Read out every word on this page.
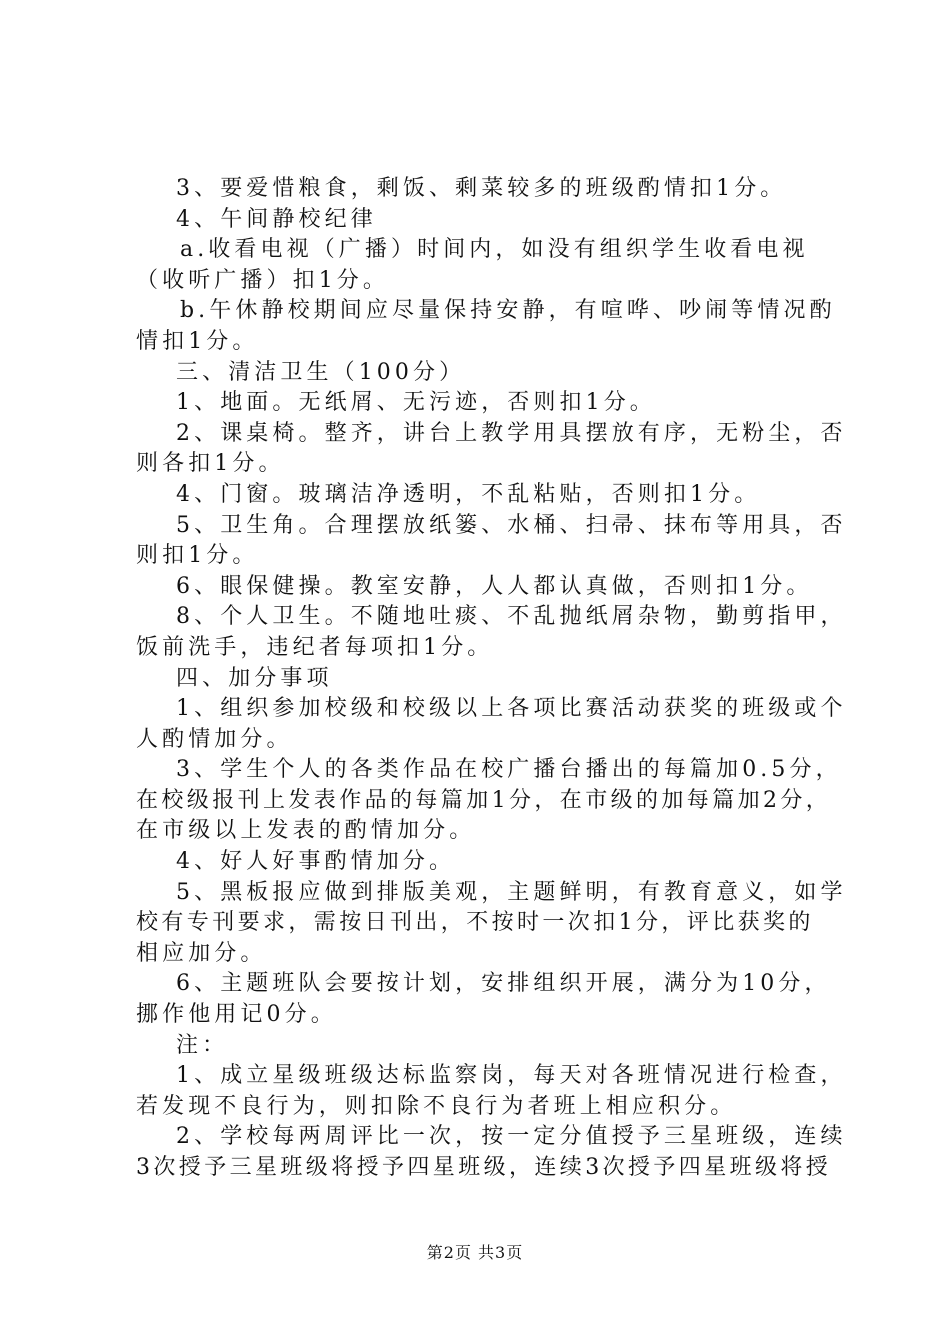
3、要爱惜粮食，剩饭、剩菜较多的班级酌情扣1分。

4、午间静校纪律

a.收看电视（广播）时间内，如没有组织学生收看电视

（收听广播）扣1分。

b.午休静校期间应尽量保持安静，有喧哗、吵闹等情况酌

情扣1分。

三、清洁卫生（100分）

1、地面。无纸屑、无污迹，否则扣1分。

2、课桌椅。整齐，讲台上教学用具摆放有序，无粉尘，否

则各扣1分。

4、门窗。玻璃洁净透明，不乱粘贴，否则扣1分。

5、卫生角。合理摆放纸篓、水桶、扫帚、抹布等用具，否

则扣1分。

6、眼保健操。教室安静，人人都认真做，否则扣1分。

8、个人卫生。不随地吐痰、不乱抛纸屑杂物，勤剪指甲，

饭前洗手，违纪者每项扣1分。

四、加分事项

1、组织参加校级和校级以上各项比赛活动获奖的班级或个

人酌情加分。

3、学生个人的各类作品在校广播台播出的每篇加0.5分，

在校级报刊上发表作品的每篇加1分，在市级的加每篇加2分，

在市级以上发表的酌情加分。

4、好人好事酌情加分。

5、黑板报应做到排版美观，主题鲜明，有教育意义，如学

校有专刊要求，需按日刊出，不按时一次扣1分，评比获奖的

相应加分。

6、主题班队会要按计划，安排组织开展，满分为10分，

挪作他用记0分。

注：

1、成立星级班级达标监察岗，每天对各班情况进行检查，

若发现不良行为，则扣除不良行为者班上相应积分。

2、学校每两周评比一次，按一定分值授予三星班级，连续

3次授予三星班级将授予四星班级，连续3次授予四星班级将授

第2页 共3页
